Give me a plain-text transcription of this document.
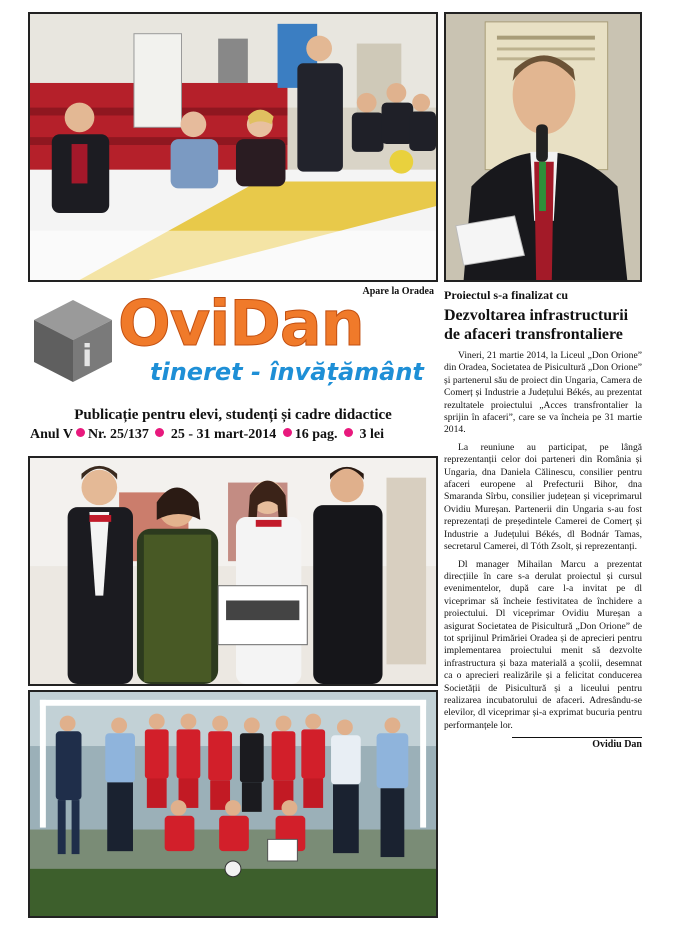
Apare la Oradea
i OviDan
tineret - învățământ
Publicație pentru elevi, studenți și cadre didactice
Anul V Nr. 25/137 25 - 31 mart-2014 16 pag. 3 lei
Proiectul s-a finalizat cu
Dezvoltarea infrastructurii de afaceri transfrontaliere

Vineri, 21 martie 2014, la Liceul „Don Orione” din Oradea, Societatea de Pisicultură „Don Orione” și partenerul său de proiect din Ungaria, Camera de Comerț și Industrie a Județului Békés, au prezentat rezultatele proiectului „Acces transfrontalier la sprijin în afaceri”, care se va încheia pe 31 martie 2014.

La reuniune au participat, pe lângă reprezentanții celor doi parteneri din România și Ungaria, dna Daniela Călinescu, consilier pentru afaceri europene al Prefecturii Bihor, dna Smaranda Sîrbu, consilier județean și viceprimarul Ovidiu Mureșan. Partenerii din Ungaria s-au fost reprezentați de președintele Camerei de Comerț și Industrie a Județului Békés, dl Bodnár Tamas, secretarul Camerei, dl Tóth Zsolt, și reprezentanți.

Dl manager Mihailan Marcu a prezentat direcțiile în care s-a derulat proiectul și cursul evenimentelor, după care l-a invitat pe dl viceprimar să încheie festivitatea de închidere a proiectului. Dl viceprimar Ovidiu Mureșan a asigurat Societatea de Pisicultură „Don Orione” de tot sprijinul Primăriei Oradea și de aprecieri pentru implementarea proiectului menit să dezvolte infrastructura și baza materială a școlii, desemnat ca o aprecieri realizările și a felicitat conducerea Societății de Pisicultură și a liceului pentru realizarea incubatorului de afaceri. Adresându-se elevilor, dl viceprimar și-a exprimat bucuria pentru performanțele lor.

Ovidiu Dan
